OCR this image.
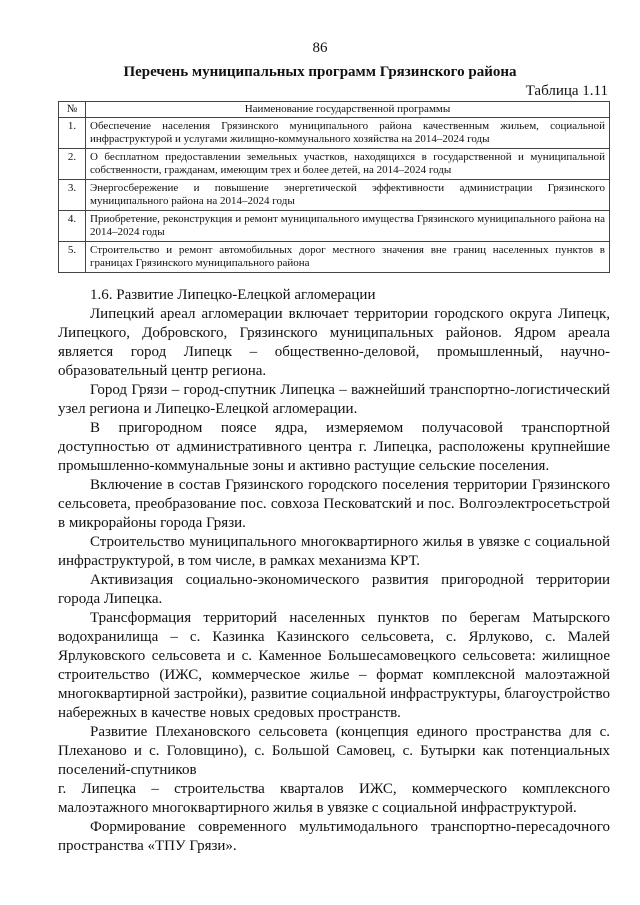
86
Перечень муниципальных программ Грязинского района
Таблица 1.11
№	Наименование государственной программы
1.	Обеспечение населения Грязинского муниципального района качественным жильем, социальной инфраструктурой и услугами жилищно-коммунального хозяйства на 2014–2024 годы
2.	О бесплатном предоставлении земельных участков, находящихся в государственной и муниципальной собственности, гражданам, имеющим трех и более детей, на 2014–2024 годы
3.	Энергосбережение и повышение энергетической эффективности администрации Грязинского муниципального района на 2014–2024 годы
4.	Приобретение, реконструкция и ремонт муниципального имущества Грязинского муниципального района на 2014–2024 годы
5.	Строительство и ремонт автомобильных дорог местного значения вне границ населенных пунктов в границах Грязинского муниципального района

1.6. Развитие Липецко-Елецкой агломерации

Липецкий ареал агломерации включает территории городского округа Липецк, Липецкого, Добровского, Грязинского муниципальных районов. Ядром ареала является город Липецк – общественно-деловой, промышленный, научно-образовательный центр региона.

Город Грязи – город-спутник Липецка – важнейший транспортно-логистический узел региона и Липецко-Елецкой агломерации.

В пригородном поясе ядра, измеряемом получасовой транспортной доступностью от административного центра г. Липецка, расположены крупнейшие промышленно-коммунальные зоны и активно растущие сельские поселения.

Включение в состав Грязинского городского поселения территории Грязинского сельсовета, преобразование пос. совхоза Песковатский и пос. Волгоэлектросетьстрой в микрорайоны города Грязи.

Строительство муниципального многоквартирного жилья в увязке с социальной инфраструктурой, в том числе, в рамках механизма КРТ.

Активизация социально-экономического развития пригородной территории города Липецка.

Трансформация территорий населенных пунктов по берегам Матырского водохранилища – с. Казинка Казинского сельсовета, с. Ярлуково, с. Малей Ярлуковского сельсовета и с. Каменное Большесамовецкого сельсовета: жилищное строительство (ИЖС, коммерческое жилье – формат комплексной малоэтажной многоквартирной застройки), развитие социальной инфраструктуры, благоустройство набережных в качестве новых средовых пространств.

Развитие Плехановского сельсовета (концепция единого пространства для с. Плеханово и с. Головщино), с. Большой Самовец, с. Бутырки как потенциальных поселений-спутников

г. Липецка – строительства кварталов ИЖС, коммерческого комплексного малоэтажного многоквартирного жилья в увязке с социальной инфраструктурой.

Формирование современного мультимодального транспортно-пересадочного пространства «ТПУ Грязи».
